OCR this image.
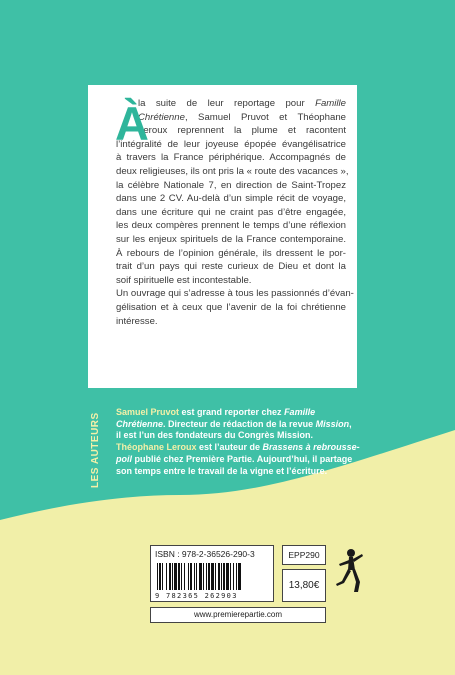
À
la suite de leur reportage pour Famille
Chrétienne, Samuel Pruvot et Théophane
Leroux reprennent la plume et racontent
l’intégralité de leur joyeuse épopée évangélisatrice
à travers la France périphérique. Accompagnés de
deux religieuses, ils ont pris la « route des vacances »,
la célèbre Nationale 7, en direction de Saint-Tropez
dans une 2 CV. Au-delà d’un simple récit de voyage,
dans une écriture qui ne craint pas d’être engagée,
les deux compères prennent le temps d’une réflexion
sur les enjeux spirituels de la France contemporaine.
À rebours de l’opinion générale, ils dressent le por-
trait d’un pays qui reste curieux de Dieu et dont la
soif spirituelle est incontestable.
Un ouvrage qui s’adresse à tous les passionnés d’évan-
gélisation et à ceux que l’avenir de la foi chrétienne
intéresse.
LES AUTEURS
Samuel Pruvot est grand reporter chez Famille
Chrétienne. Directeur de rédaction de la revue Mission,
il est l’un des fondateurs du Congrès Mission.
Théophane Leroux est l’auteur de Brassens à rebrousse-
poil publié chez Première Partie. Aujourd’hui, il partage
son temps entre le travail de la vigne et l’écriture.
ISBN : 978-2-36526-290-3
9 782365 262903
EPP290
13,80€
www.premierepartie.com
